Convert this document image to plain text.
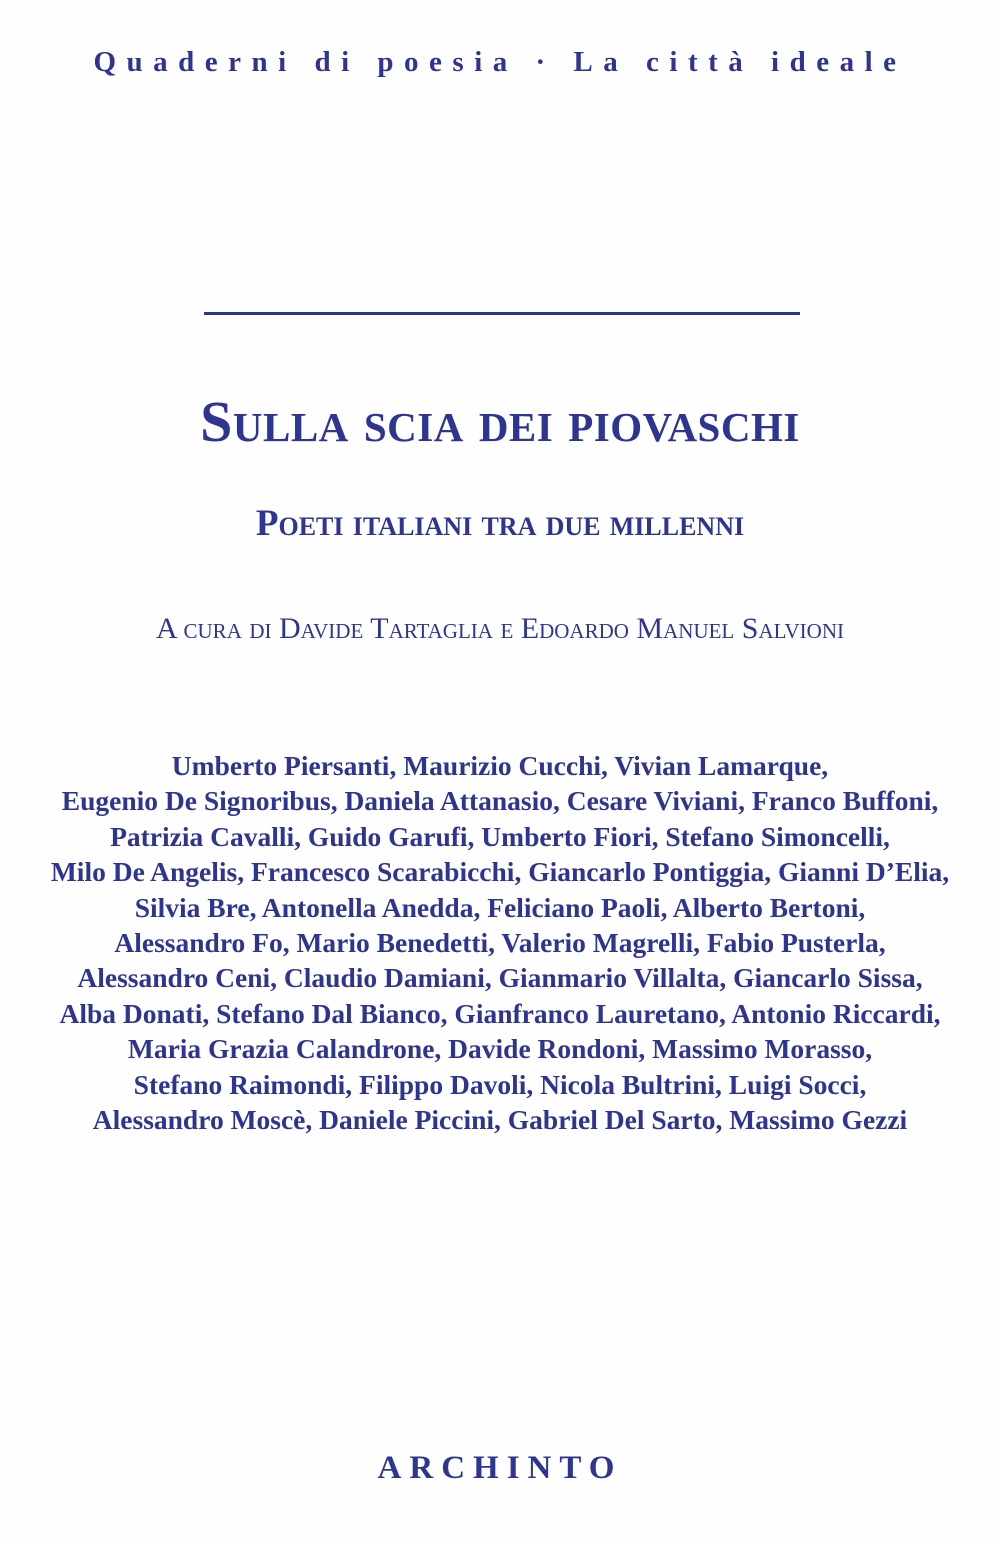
Quaderni di poesia · La città ideale
Sulla scia dei piovaschi
Poeti italiani tra due millenni
A cura di Davide Tartaglia e Edoardo Manuel Salvioni
Umberto Piersanti, Maurizio Cucchi, Vivian Lamarque,
Eugenio De Signoribus, Daniela Attanasio, Cesare Viviani, Franco Buffoni,
Patrizia Cavalli, Guido Garufi, Umberto Fiori, Stefano Simoncelli,
Milo De Angelis, Francesco Scarabicchi, Giancarlo Pontiggia, Gianni D’Elia,
Silvia Bre, Antonella Anedda, Feliciano Paoli, Alberto Bertoni,
Alessandro Fo, Mario Benedetti, Valerio Magrelli, Fabio Pusterla,
Alessandro Ceni, Claudio Damiani, Gianmario Villalta, Giancarlo Sissa,
Alba Donati, Stefano Dal Bianco, Gianfranco Lauretano, Antonio Riccardi,
Maria Grazia Calandrone, Davide Rondoni, Massimo Morasso,
Stefano Raimondi, Filippo Davoli, Nicola Bultrini, Luigi Socci,
Alessandro Moscè, Daniele Piccini, Gabriel Del Sarto, Massimo Gezzi
ARCHINTO
